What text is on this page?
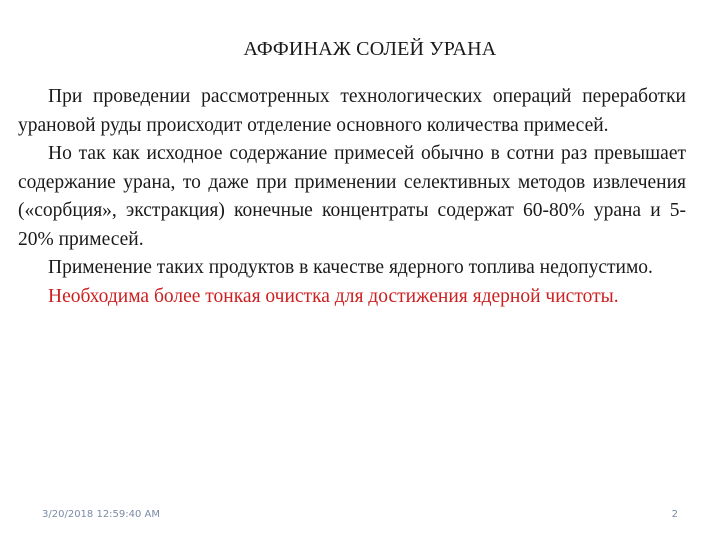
АФФИНАЖ СОЛЕЙ УРАНА

При проведении рассмотренных технологических операций переработки урановой руды происходит отделение основного количества примесей.

Но так как исходное содержание примесей обычно в сотни раз превышает содержание урана, то даже при применении селективных методов извлечения («сорбция», экстракция) конечные концентраты содержат 60-80% урана и 5-20% примесей.

Применение таких продуктов в качестве ядерного топлива недопустимо.

Необходима более тонкая очистка для достижения ядерной чистоты.

3/20/2018 12:59:40 AM	2
